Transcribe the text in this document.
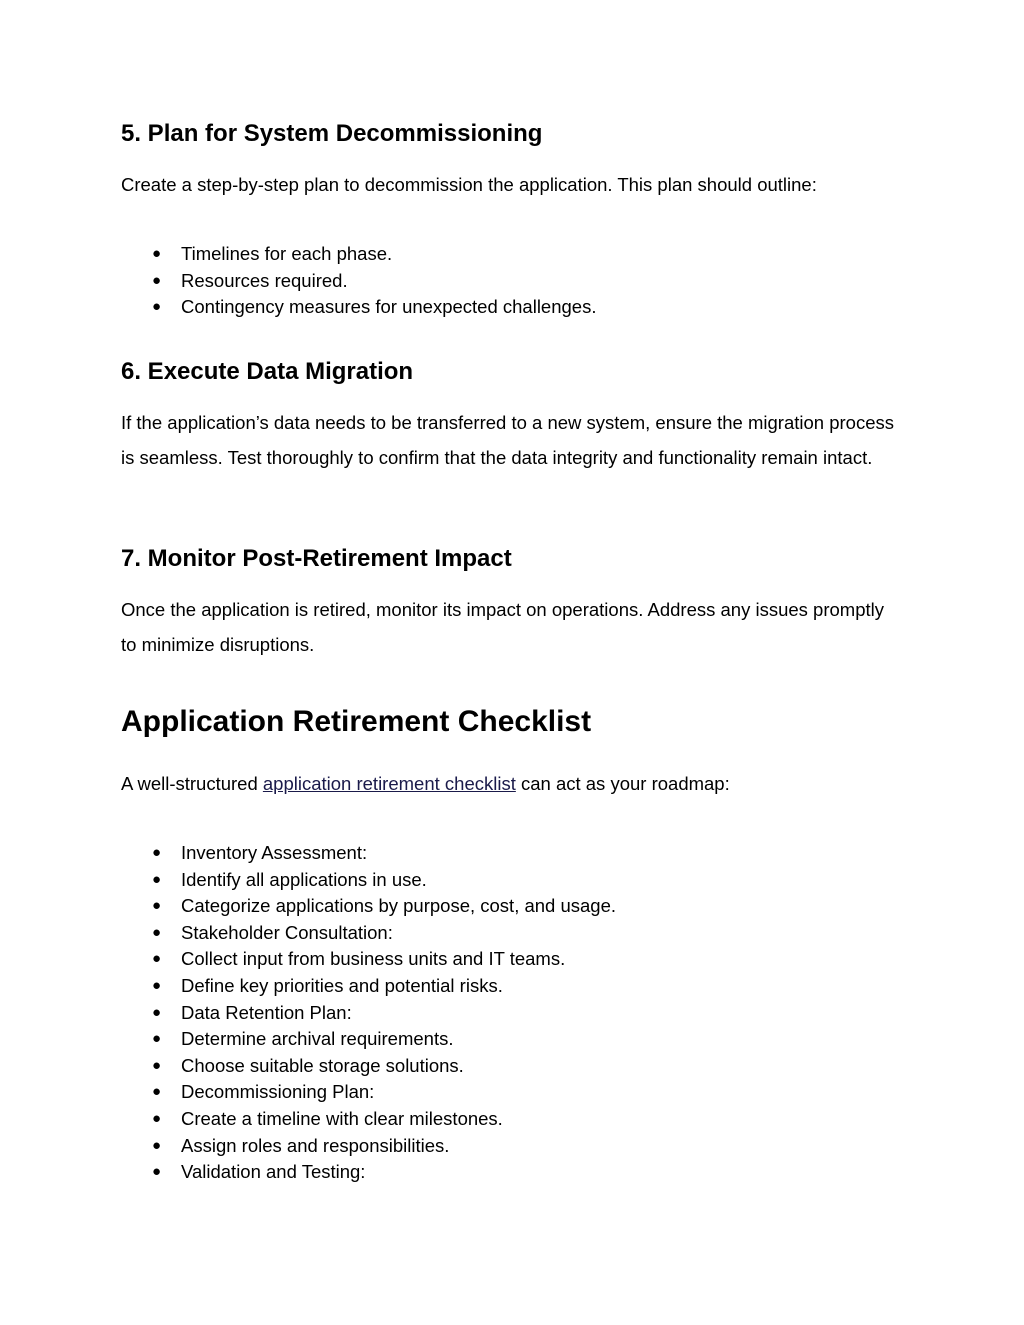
5. Plan for System Decommissioning

Create a step-by-step plan to decommission the application. This plan should outline:

● Timelines for each phase.
● Resources required.
● Contingency measures for unexpected challenges.
6. Execute Data Migration

If the application’s data needs to be transferred to a new system, ensure the migration process is seamless. Test thoroughly to confirm that the data integrity and functionality remain intact.

7. Monitor Post-Retirement Impact

Once the application is retired, monitor its impact on operations. Address any issues promptly to minimize disruptions.

Application Retirement Checklist

A well-structured application retirement checklist can act as your roadmap:

● Inventory Assessment:
● Identify all applications in use.
● Categorize applications by purpose, cost, and usage.
● Stakeholder Consultation:
● Collect input from business units and IT teams.
● Define key priorities and potential risks.
● Data Retention Plan:
● Determine archival requirements.
● Choose suitable storage solutions.
● Decommissioning Plan:
● Create a timeline with clear milestones.
● Assign roles and responsibilities.
● Validation and Testing:
